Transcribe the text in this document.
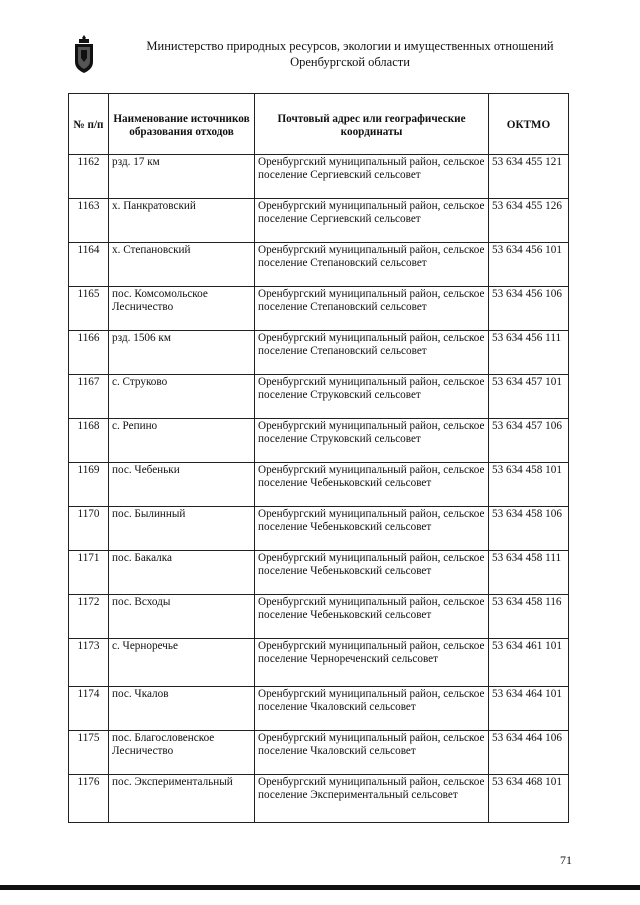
Министерство природных ресурсов, экологии и имущественных отношений
Оренбургской области
№ п/п	Наименование источников образования отходов	Почтовый адрес или географические координаты	ОКТМО
1162	рзд. 17 км	Оренбургский муниципальный район, сельское поселение Сергиевский сельсовет	53 634 455 121
1163	х. Панкратовский	Оренбургский муниципальный район, сельское поселение Сергиевский сельсовет	53 634 455 126
1164	х. Степановский	Оренбургский муниципальный район, сельское поселение Степановский сельсовет	53 634 456 101
1165	пос. Комсомольское Лесничество	Оренбургский муниципальный район, сельское поселение Степановский сельсовет	53 634 456 106
1166	рзд. 1506 км	Оренбургский муниципальный район, сельское поселение Степановский сельсовет	53 634 456 111
1167	с. Струково	Оренбургский муниципальный район, сельское поселение Струковский сельсовет	53 634 457 101
1168	с. Репино	Оренбургский муниципальный район, сельское поселение Струковский сельсовет	53 634 457 106
1169	пос. Чебеньки	Оренбургский муниципальный район, сельское поселение Чебеньковский сельсовет	53 634 458 101
1170	пос. Былинный	Оренбургский муниципальный район, сельское поселение Чебеньковский сельсовет	53 634 458 106
1171	пос. Бакалка	Оренбургский муниципальный район, сельское поселение Чебеньковский сельсовет	53 634 458 111
1172	пос. Всходы	Оренбургский муниципальный район, сельское поселение Чебеньковский сельсовет	53 634 458 116
1173	с. Черноречье	Оренбургский муниципальный район, сельское поселение Чернореченский сельсовет	53 634 461 101
1174	пос. Чкалов	Оренбургский муниципальный район, сельское поселение Чкаловский сельсовет	53 634 464 101
1175	пос. Благословенское Лесничество	Оренбургский муниципальный район, сельское поселение Чкаловский сельсовет	53 634 464 106
1176	пос. Экспериментальный	Оренбургский муниципальный район, сельское поселение Экспериментальный сельсовет	53 634 468 101
71
